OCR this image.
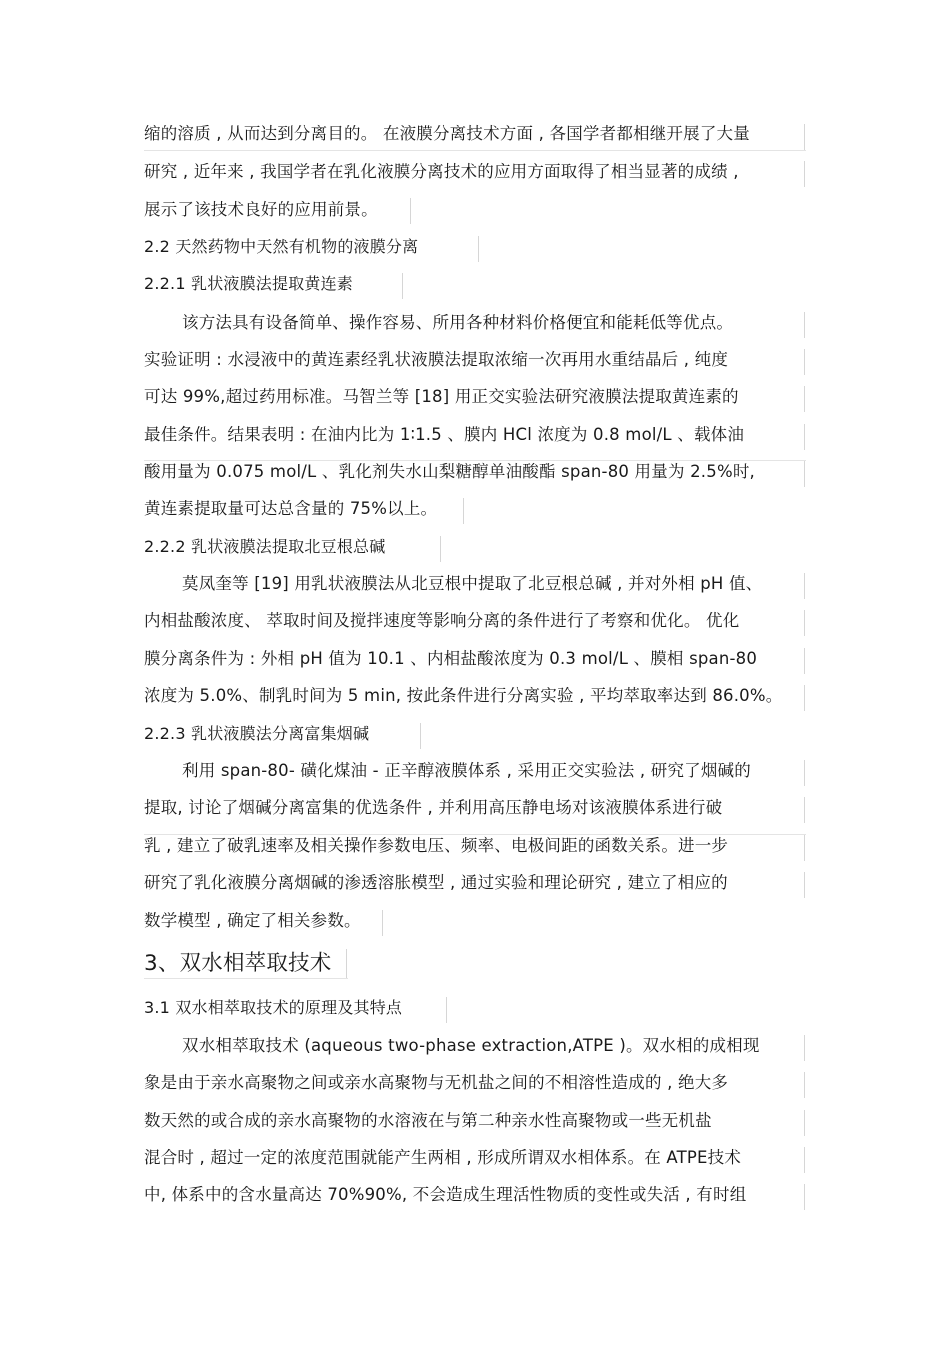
缩的溶质 , 从而达到分离目的。 在液膜分离技术方面 , 各国学者都相继开展了大量
研究 , 近年来 , 我国学者在乳化液膜分离技术的应用方面取得了相当显著的成绩 ,
展示了该技术良好的应用前景。
2.2 天然药物中天然有机物的液膜分离
2.2.1 乳状液膜法提取黄连素
该方法具有设备简单、操作容易、所用各种材料价格便宜和能耗低等优点。
实验证明 : 水浸液中的黄连素经乳状液膜法提取浓缩一次再用水重结晶后 , 纯度
可达 99%,超过药用标准。马智兰等 [18] 用正交实验法研究液膜法提取黄连素的
最佳条件。结果表明 : 在油内比为 1∶1.5 、膜内 HCl 浓度为 0.8 mol/L 、载体油
酸用量为 0.075 mol/L 、乳化剂失水山梨糖醇单油酸酯 span-80 用量为 2.5%时,
黄连素提取量可达总含量的 75%以上。
2.2.2 乳状液膜法提取北豆根总碱
莫凤奎等 [19] 用乳状液膜法从北豆根中提取了北豆根总碱 , 并对外相 pH 值、
内相盐酸浓度、 萃取时间及搅拌速度等影响分离的条件进行了考察和优化。 优化
膜分离条件为 : 外相 pH 值为 10.1 、内相盐酸浓度为 0.3 mol/L 、膜相 span-80
浓度为 5.0%、制乳时间为 5 min, 按此条件进行分离实验 , 平均萃取率达到 86.0%。
2.2.3 乳状液膜法分离富集烟碱
利用 span-80- 磺化煤油 - 正辛醇液膜体系 , 采用正交实验法 , 研究了烟碱的
提取, 讨论了烟碱分离富集的优选条件 , 并利用高压静电场对该液膜体系进行破
乳 , 建立了破乳速率及相关操作参数电压、频率、电极间距的函数关系。进一步
研究了乳化液膜分离烟碱的渗透溶胀模型 , 通过实验和理论研究 , 建立了相应的
数学模型 , 确定了相关参数。
3、双水相萃取技术
3.1 双水相萃取技术的原理及其特点
双水相萃取技术 (aqueous two-phase extraction,ATPE )。双水相的成相现
象是由于亲水高聚物之间或亲水高聚物与无机盐之间的不相溶性造成的 , 绝大多
数天然的或合成的亲水高聚物的水溶液在与第二种亲水性高聚物或一些无机盐
混合时 , 超过一定的浓度范围就能产生两相 , 形成所谓双水相体系。在 ATPE技术
中, 体系中的含水量高达 70%90%, 不会造成生理活性物质的变性或失活 , 有时组
